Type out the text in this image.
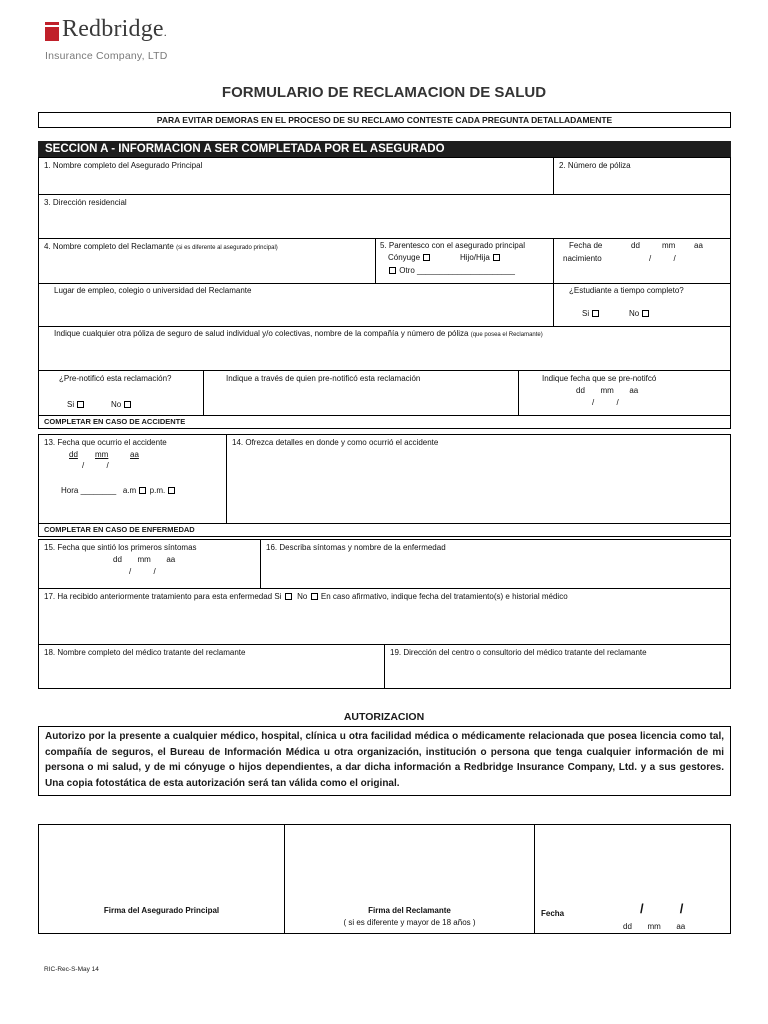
Redbridge.
Insurance Company, LTD
FORMULARIO DE RECLAMACION DE SALUD
PARA EVITAR DEMORAS EN EL PROCESO DE SU RECLAMO CONTESTE CADA PREGUNTA DETALLADAMENTE
SECCION A - INFORMACION A SER COMPLETADA POR EL ASEGURADO
1. Nombre completo del Asegurado Principal	2. Número de póliza
3. Dirección residencial
4. Nombre completo del Reclamante (si es diferente al asegurado principal)	5. Parentesco con el asegurado principal
Cónyuge	Hijo/Hija
Otro ______________________
Fecha de	dd	mm aa
nacimiento	/          /
Lugar de empleo, colegio o universidad del Reclamante	¿Estudiante a tiempo completo?
Si	No
Indique cualquier otra póliza de seguro de salud individual y/o colectivas, nombre de la compañía y número de póliza (que posea el Reclamante)
¿Pre-notificó esta reclamación?
Si	No
Indique a través de quien pre-notificó esta reclamación	Indique fecha que se pre-notifcó
dd       mm       aa
/          /
COMPLETAR EN CASO DE ACCIDENTE
13. Fecha que ocurrio el accidente
dd mm	aa
/          /
Hora ________ a.m p.m.
14. Ofrezca detalles en donde y como ocurrió el accidente
COMPLETAR EN CASO DE ENFERMEDAD
15. Fecha que sintió los primeros síntomas
dd       mm       aa
/          /
16. Describa síntomas y nombre de la enfermedad
17. Ha recibido anteriormente tratamiento para esta enfermedad Si No En caso afirmativo, indique fecha del tratamiento(s) e historial médico
18. Nombre completo del médico tratante del reclamante	19. Dirección del centro o consultorio del médico tratante del reclamante
AUTORIZACION
Autorizo por la presente a cualquier médico, hospital, clínica u otra facilidad médica o médicamente relacionada que posea licencia como tal, compañía de seguros, el Bureau de Información Médica u otra organización, institución o persona que tenga cualquier información de mi persona o mi salud, y de mi cónyuge o hijos dependientes, a dar dicha información a Redbridge Insurance Company, Ltd. y a sus gestores. Una copia fotostática de esta autorización será tan válida como el original.
Firma del Asegurado Principal	Firma del Reclamante
( si es diferente y mayor de 18 años )
Fecha	/          /
dd       mm       aa
RIC-Rec-S-May 14
